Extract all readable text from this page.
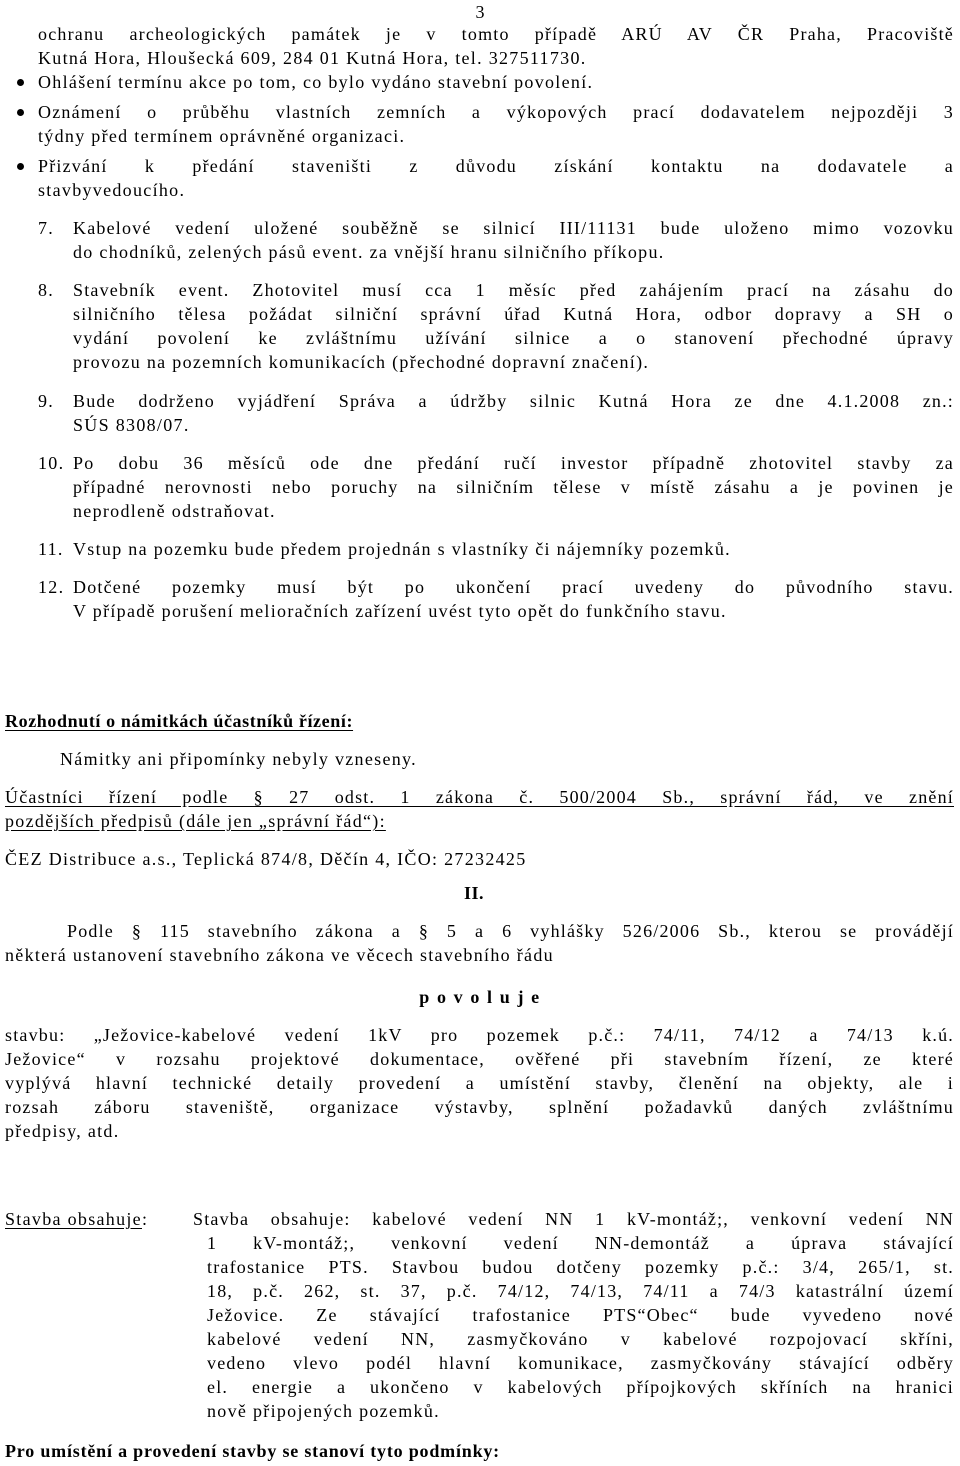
3
ochranu archeologických památek je v tomto případě ARÚ AV ČR Praha, Pracoviště
Kutná Hora, Hloušecká 609, 284 01 Kutná Hora, tel. 327511730.
Ohlášení termínu akce po tom, co bylo vydáno stavební povolení.
Oznámení o průběhu vlastních zemních a výkopových prací dodavatelem nejpozději 3
týdny před termínem oprávněné organizaci.
Přizvání k předání staveništi z důvodu získání kontaktu na dodavatele a
stavbyvedoucího.
7. Kabelové vedení uložené souběžně se silnicí III/11131 bude uloženo mimo vozovku
do chodníků, zelených pásů event. za vnější hranu silničního příkopu.
8. Stavebník event. Zhotovitel musí cca 1 měsíc před zahájením prací na zásahu do
silničního tělesa požádat silniční správní úřad Kutná Hora, odbor dopravy a SH o
vydání povolení ke zvláštnímu užívání silnice a o stanovení přechodné úpravy
provozu na pozemních komunikacích (přechodné dopravní značení).
9. Bude dodrženo vyjádření Správa a údržby silnic Kutná Hora ze dne 4.1.2008 zn.:
SÚS 8308/07.
10. Po dobu 36 měsíců ode dne předání ručí investor případně zhotovitel stavby za
případné nerovnosti nebo poruchy na silničním tělese v místě zásahu a je povinen je
neprodleně odstraňovat.
11. Vstup na pozemku bude předem projednán s vlastníky či nájemníky pozemků.
12. Dotčené pozemky musí být po ukončení prací uvedeny do původního stavu.
V případě porušení melioračních zařízení uvést tyto opět do funkčního stavu.
Rozhodnutí o námitkách účastníků řízení:
Námitky ani připomínky nebyly vzneseny.
Účastníci řízení podle § 27 odst. 1 zákona č. 500/2004 Sb., správní řád, ve znění
pozdějších předpisů (dále jen „správní řád“):
ČEZ Distribuce a.s., Teplická 874/8, Děčín 4, IČO: 27232425
II.
Podle § 115 stavebního zákona a § 5 a 6 vyhlášky 526/2006 Sb., kterou se provádějí
některá ustanovení stavebního zákona ve věcech stavebního řádu
p o v o l u j e
stavbu: „Ježovice-kabelové vedení 1kV pro pozemek p.č.: 74/11, 74/12 a 74/13 k.ú.
Ježovice“ v rozsahu projektové dokumentace, ověřené při stavebním řízení, ze které
vyplývá hlavní technické detaily provedení a umístění stavby, členění na objekty, ale i
rozsah záboru staveniště, organizace výstavby, splnění požadavků daných zvláštnímu
předpisy, atd.
Stavba obsahuje: Stavba obsahuje: kabelové vedení NN 1 kV-montáž;, venkovní vedení NN
1 kV-montáž;, venkovní vedení NN-demontáž a úprava stávající
trafostanice PTS. Stavbou budou dotčeny pozemky p.č.: 3/4, 265/1, st.
18, p.č. 262, st. 37, p.č. 74/12, 74/13, 74/11 a 74/3 katastrální území
Ježovice. Ze stávající trafostanice PTS“Obec“ bude vyvedeno nové
kabelové vedení NN, zasmyčkováno v kabelové rozpojovací skříni,
vedeno vlevo podél hlavní komunikace, zasmyčkovány stávající odběry
el. energie a ukončeno v kabelových přípojkových skříních na hranici
nově připojených pozemků.
Pro umístění a provedení stavby se stanoví tyto podmínky:
